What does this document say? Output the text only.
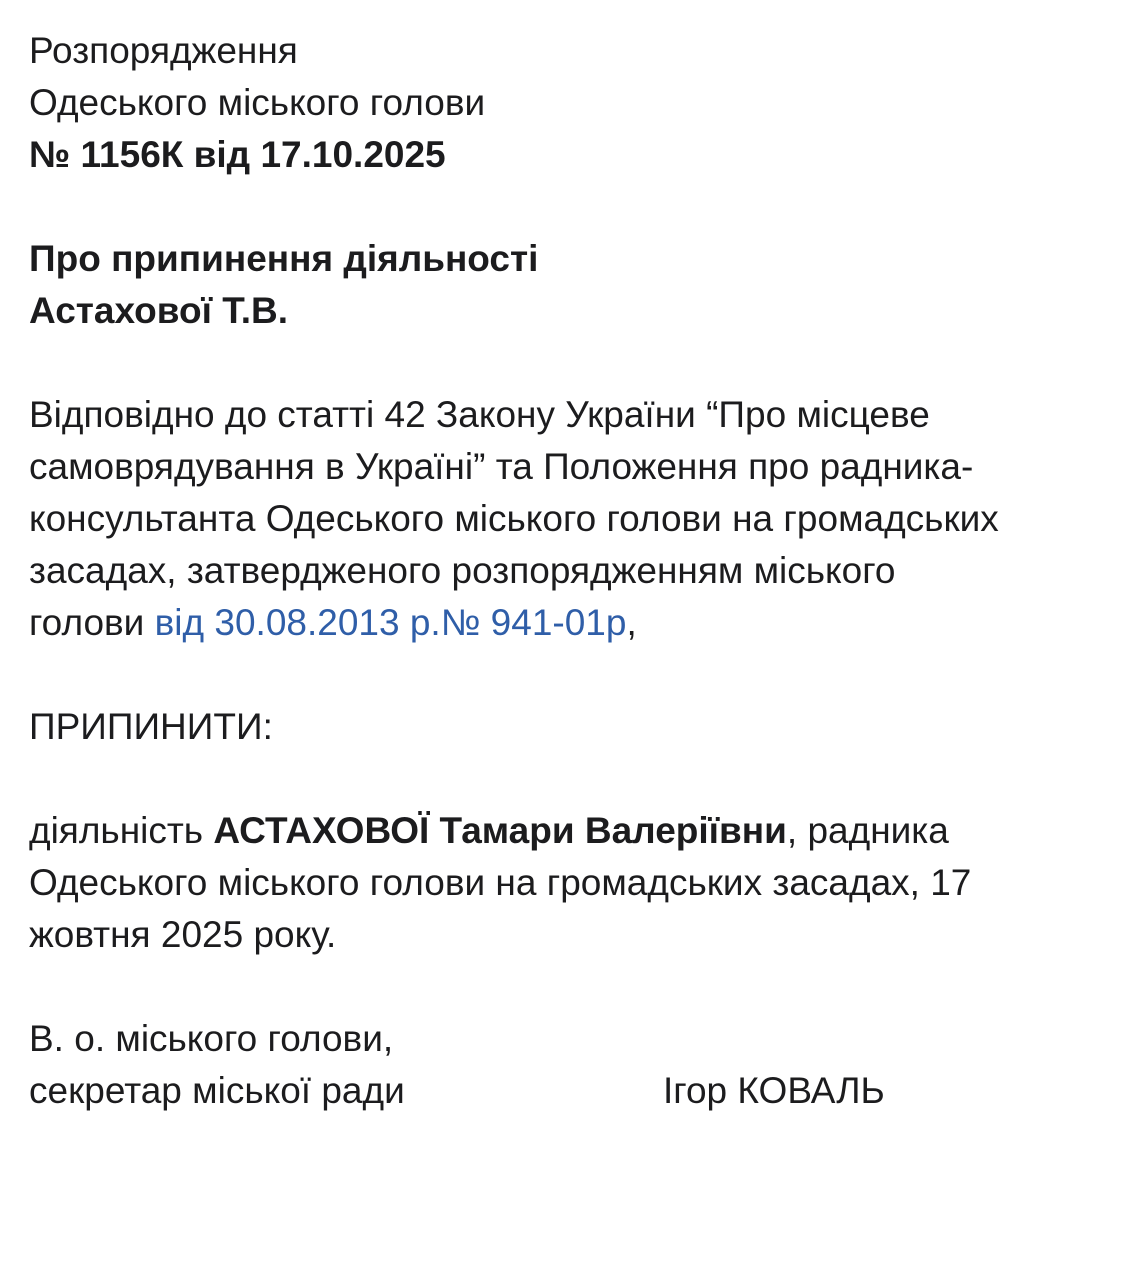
Розпорядження
Одеського міського голови
№ 1156К від 17.10.2025
Про припинення діяльності
Астахової Т.В.
Відповідно до статті 42 Закону України “Про місцеве
самоврядування в Україні” та Положення про радника-
консультанта Одеського міського голови на громадських
засадах, затвердженого розпорядженням міського
голови від 30.08.2013 р.№ 941-01р,
ПРИПИНИТИ:
діяльність АСТАХОВОЇ Тамари Валеріївни, радника
Одеського міського голови на громадських засадах, 17
жовтня 2025 року.
В. о. міського голови,
секретар міської ради	Ігор КОВАЛЬ
